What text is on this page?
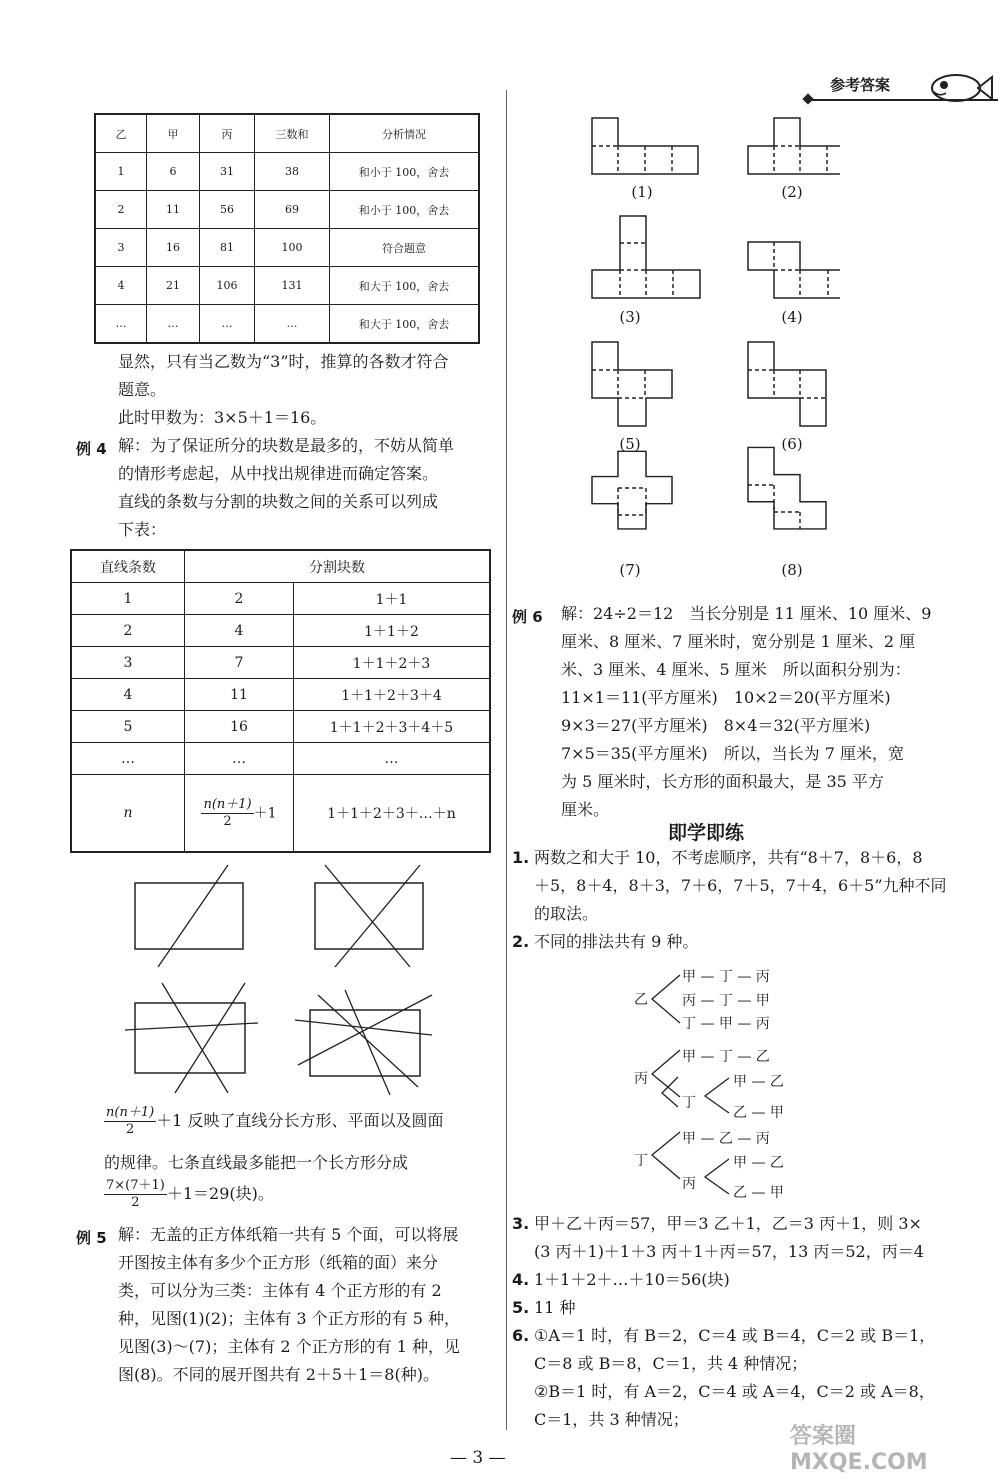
参考答案
乙	甲	丙	三数和	分析情况
1	6	31	38	和小于 100，舍去
2	11	56	69	和小于 100，舍去
3	16	81	100	符合题意
4	21	106	131	和大于 100，舍去
…	…	…	…	和大于 100，舍去

显然，只有当乙数为“3”时，推算的各数才符合

题意。

此时甲数为：3×5＋1＝16。

例 4 解：为了保证所分的块数是最多的，不妨从简单

的情形考虑起，从中找出规律进而确定答案。

直线的条数与分割的块数之间的关系可以列成

下表：

直线条数	分割块数	
1	2	1＋1
2	4	1＋1＋2
3	7	1＋1＋2＋3
4	11	1＋1＋2＋3＋4
5	16	1＋1＋2＋3＋4＋5
…	…	…
n	$\frac{n(n+1)}{2} +1$	1＋1＋2＋3＋…＋n
$\frac{n(n+1)}{2} +1$ 反映了直线分长方形、平面以及圆面

的规律。七条直线最多能把一个长方形分成

$\frac{7\times(7+1)}{2} +1=29$(块)。
例 5 解：无盖的正方体纸箱一共有 5 个面，可以将展

开图按主体有多少个正方形（纸箱的面）来分

类，可以分为三类：主体有 4 个正方形的有 2

种，见图(1)(2)；主体有 3 个正方形的有 5 种，

见图(3)～(7)；主体有 2 个正方形的有 1 种，见

图(8)。不同的展开图共有 2＋5＋1＝8(种)。

(1)	(2)
(3)	(4)
(5)	(6)
(7)	(8)
例 6 解：24÷2＝12　当长分别是 11 厘米、10 厘米、9

厘米、8 厘米、7 厘米时，宽分别是 1 厘米、2 厘

米、3 厘米、4 厘米、5 厘米　所以面积分别为：

11×1＝11(平方厘米)　10×2＝20(平方厘米)

9×3＝27(平方厘米)　8×4＝32(平方厘米)

7×5＝35(平方厘米)　所以，当长为 7 厘米，宽

为 5 厘米时，长方形的面积最大，是 35 平方

厘米。

即学即练
1. 两数之和大于 10，不考虑顺序，共有“8＋7，8＋6，8

＋5，8＋4，8＋3，7＋6，7＋5，7＋4，6＋5”九种不同

的取法。

2. 不同的排法共有 9 种。

乙
甲 — 丁 — 丙
丙 — 丁 — 甲
丁 — 甲 — 丙
丙
甲 — 丁 — 乙
丁
甲 — 乙
乙 — 甲
丁
甲 — 乙 — 丙
丙
甲 — 乙
乙 — 甲
3. 甲＋乙＋丙＝57，甲＝3 乙＋1，乙＝3 丙＋1，则 3×

(3 丙＋1)＋1＋3 丙＋1＋丙＝57，13 丙＝52，丙＝4

4. 1＋1＋2＋…＋10＝56(块)

5. 11 种

6. ①A＝1 时，有 B＝2，C＝4 或 B＝4，C＝2 或 B＝1，

C＝8 或 B＝8，C＝1，共 4 种情况；

②B＝1 时，有 A＝2，C＝4 或 A＝4，C＝2 或 A＝8，

C＝1，共 3 种情况；

— 3 —
答案圈 MXQE.COM
